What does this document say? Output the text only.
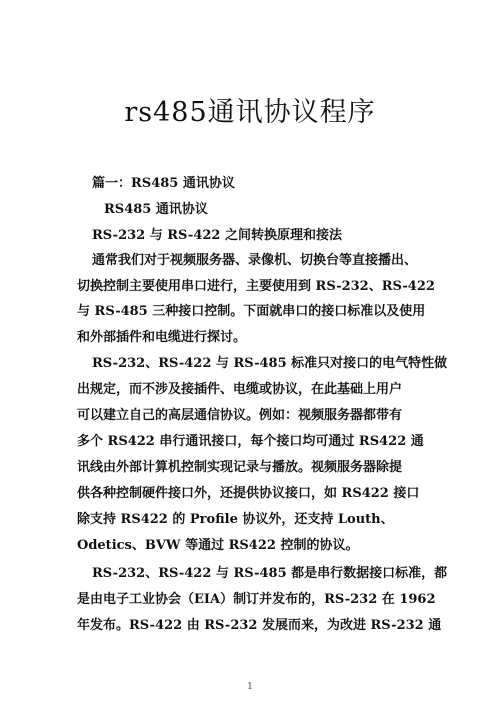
rs485通讯协议程序
篇一：RS485 通讯协议
RS485 通讯协议
RS-232 与 RS-422 之间转换原理和接法
通常我们对于视频服务器、录像机、切换台等直接播出、
切换控制主要使用串口进行，主要使用到 RS-232、RS-422
与 RS-485 三种接口控制。下面就串口的接口标准以及使用
和外部插件和电缆进行探讨。
RS-232、RS-422 与 RS-485 标准只对接口的电气特性做
出规定，而不涉及接插件、电缆或协议，在此基础上用户
可以建立自己的高层通信协议。例如：视频服务器都带有
多个 RS422 串行通讯接口，每个接口均可通过 RS422 通
讯线由外部计算机控制实现记录与播放。视频服务器除提
供各种控制硬件接口外，还提供协议接口，如 RS422 接口
除支持 RS422 的 Profile 协议外，还支持 Louth、
Odetics、BVW 等通过 RS422 控制的协议。
RS-232、RS-422 与 RS-485 都是串行数据接口标准，都
是由电子工业协会（EIA）制订并发布的，RS-232 在 1962
年发布。RS-422 由 RS-232 发展而来，为改进 RS-232 通
1
